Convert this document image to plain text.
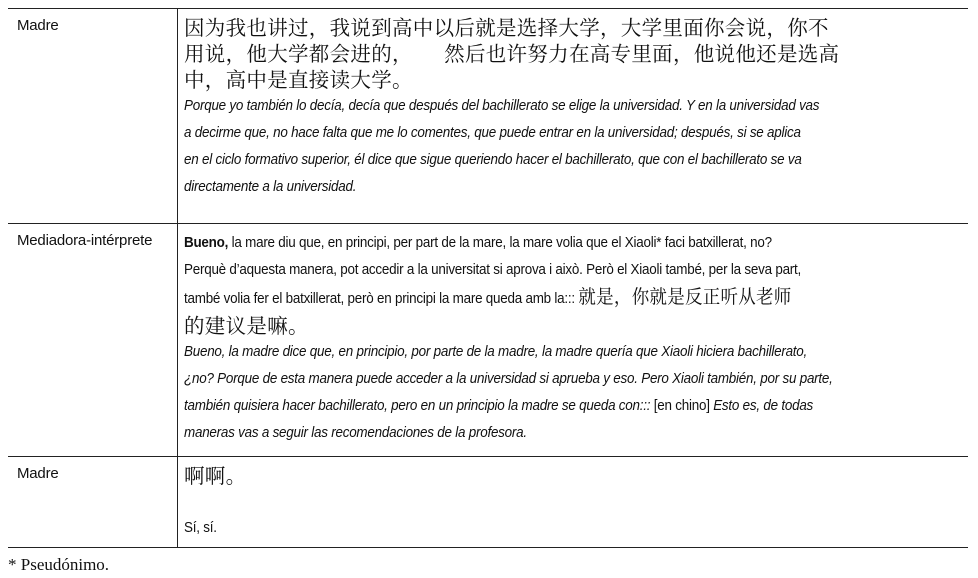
Madre	因为我也讲过，我说到高中以后就是选择大学，大学里面你会说，你不
用说，他大学都会进的，　　然后也许努力在高专里面，他说他还是选高
中，高中是直接读大学。
Porque yo también lo decía, decía que después del bachillerato se elige la universidad. Y en la universidad vas
a decirme que, no hace falta que me lo comentes, que puede entrar en la universidad; después, si se aplica
en el ciclo formativo superior, él dice que sigue queriendo hacer el bachillerato, que con el bachillerato se va
directamente a la universidad.
Mediadora-intérprete	Bueno, la mare diu que, en principi, per part de la mare, la mare volia que el Xiaoli* faci batxillerat, no?
Perquè d’aquesta manera, pot accedir a la universitat si aprova i això. Però el Xiaoli també, per la seva part,
també volia fer el batxillerat, però en principi la mare queda amb la::: 就是，你就是反正听从老师
的建议是嘛。
Bueno, la madre dice que, en principio, por parte de la madre, la madre quería que Xiaoli hiciera bachillerato,
¿no? Porque de esta manera puede acceder a la universidad si aprueba y eso. Pero Xiaoli también, por su parte,
también quisiera hacer bachillerato, pero en un principio la madre se queda con::: [en chino] Esto es, de todas
maneras vas a seguir las recomendaciones de la profesora.
Madre	啊啊。
Sí, sí.
* Pseudónimo.
